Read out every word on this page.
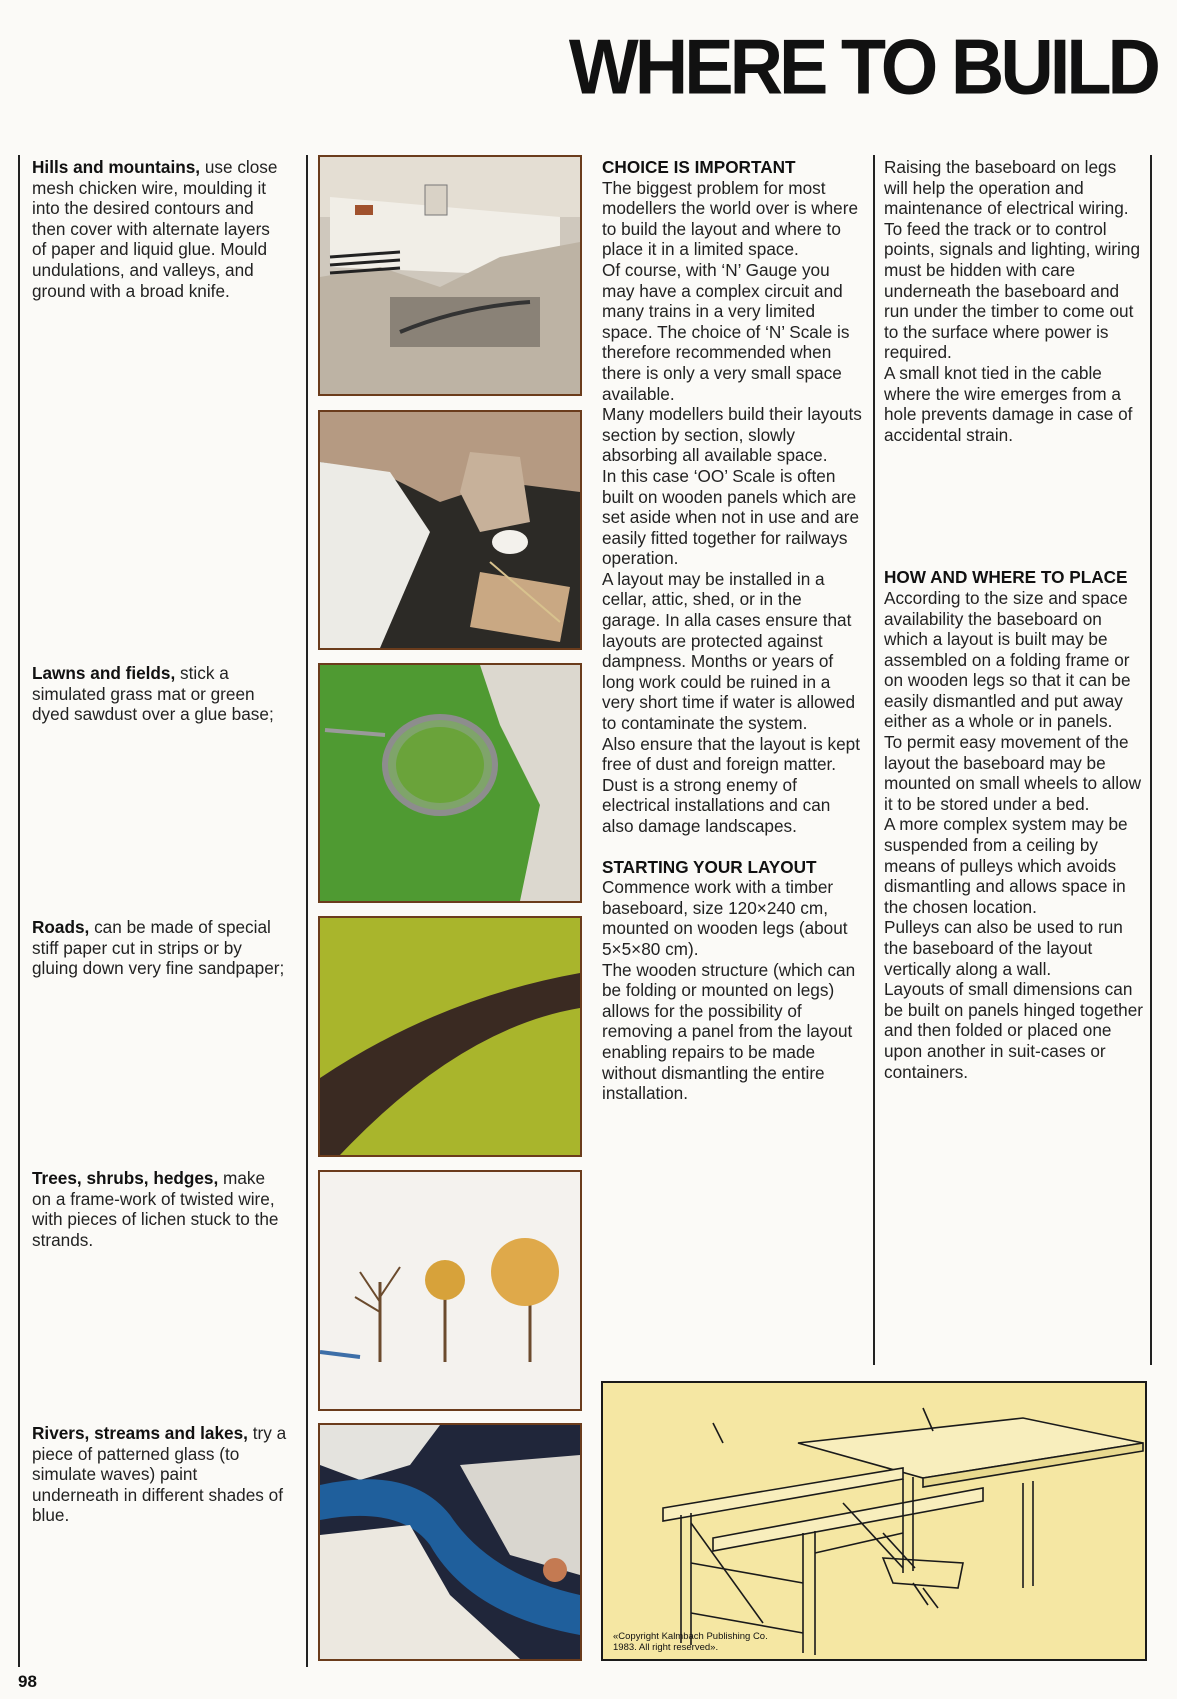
WHERE TO BUILD
Hills and mountains, use close mesh chicken wire, moulding it into the desired contours and then cover with alternate layers of paper and liquid glue. Mould undulations, and valleys, and ground with a broad knife.
Lawns and fields, stick a simulated grass mat or green dyed sawdust over a glue base;
Roads, can be made of special stiff paper cut in strips or by gluing down very fine sandpaper;
Trees, shrubs, hedges, make on a frame-work of twisted wire, with pieces of lichen stuck to the strands.
Rivers, streams and lakes, try a piece of patterned glass (to simulate waves) paint underneath in different shades of blue.

CHOICE IS IMPORTANT

The biggest problem for most modellers the world over is where to build the layout and where to place it in a limited space.

Of course, with ‘N’ Gauge you may have a complex circuit and many trains in a very limited space. The choice of ‘N’ Scale is therefore recommended when there is only a very small space available.

Many modellers build their layouts section by section, slowly absorbing all available space.

In this case ‘OO’ Scale is often built on wooden panels which are set aside when not in use and are easily fitted together for railways operation.

A layout may be installed in a cellar, attic, shed, or in the garage. In alla cases ensure that layouts are protected against dampness. Months or years of long work could be ruined in a very short time if water is allowed to contaminate the system.

Also ensure that the layout is kept free of dust and foreign matter. Dust is a strong enemy of electrical installations and can also damage landscapes.

STARTING YOUR LAYOUT

Commence work with a timber baseboard, size 120×240 cm, mounted on wooden legs (about 5×5×80 cm).

The wooden structure (which can be folding or mounted on legs) allows for the possibility of removing a panel from the layout enabling repairs to be made without dismantling the entire installation.

Raising the baseboard on legs will help the operation and maintenance of electrical wiring.

To feed the track or to control points, signals and lighting, wiring must be hidden with care underneath the baseboard and run under the timber to come out to the surface where power is required.

A small knot tied in the cable where the wire emerges from a hole prevents damage in case of accidental strain.

HOW AND WHERE TO PLACE

According to the size and space availability the baseboard on which a layout is built may be assembled on a folding frame or on wooden legs so that it can be easily dismantled and put away either as a whole or in panels.

To permit easy movement of the layout the baseboard may be mounted on small wheels to allow it to be stored under a bed.

A more complex system may be suspended from a ceiling by means of pulleys which avoids dismantling and allows space in the chosen location.

Pulleys can also be used to run the baseboard of the layout vertically along a wall.

Layouts of small dimensions can be built on panels hinged together and then folded or placed one upon another in suit-cases or containers.

«Copyright Kalmbach Publishing Co. 1983. All right reserved».
98
